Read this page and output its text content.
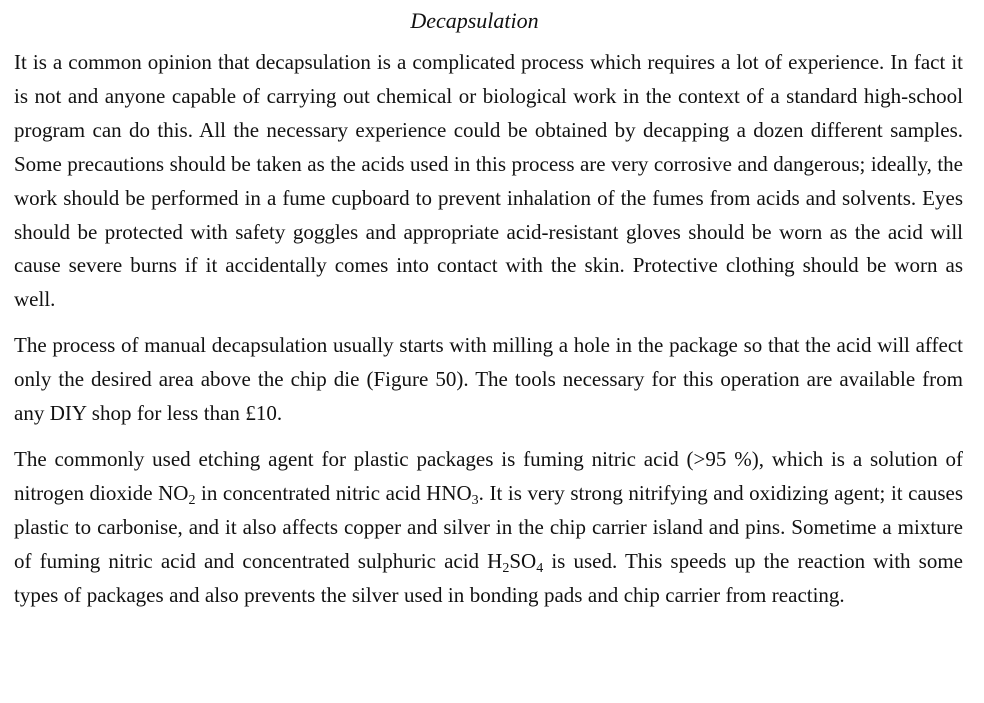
Decapsulation

It is a common opinion that decapsulation is a complicated process which requires a lot of experience. In fact it is not and anyone capable of carrying out chemical or biological work in the context of a standard high-school program can do this. All the necessary experience could be obtained by decapping a dozen different samples. Some precautions should be taken as the acids used in this process are very corrosive and dangerous; ideally, the work should be performed in a fume cupboard to prevent inhalation of the fumes from acids and solvents. Eyes should be protected with safety goggles and appropriate acid-resistant gloves should be worn as the acid will cause severe burns if it accidentally comes into contact with the skin. Protective clothing should be worn as well.

The process of manual decapsulation usually starts with milling a hole in the package so that the acid will affect only the desired area above the chip die (Figure 50). The tools necessary for this operation are available from any DIY shop for less than £10.

The commonly used etching agent for plastic packages is fuming nitric acid (>95 %), which is a solution of nitrogen dioxide $NO_2$ in concentrated nitric acid $HNO_3$. It is very strong nitrifying and oxidizing agent; it causes plastic to carbonise, and it also affects copper and silver in the chip carrier island and pins. Sometime a mixture of fuming nitric acid and concentrated sulphuric acid $H_2SO_4$ is used. This speeds up the reaction with some types of packages and also prevents the silver used in bonding pads and chip carrier from reacting.
